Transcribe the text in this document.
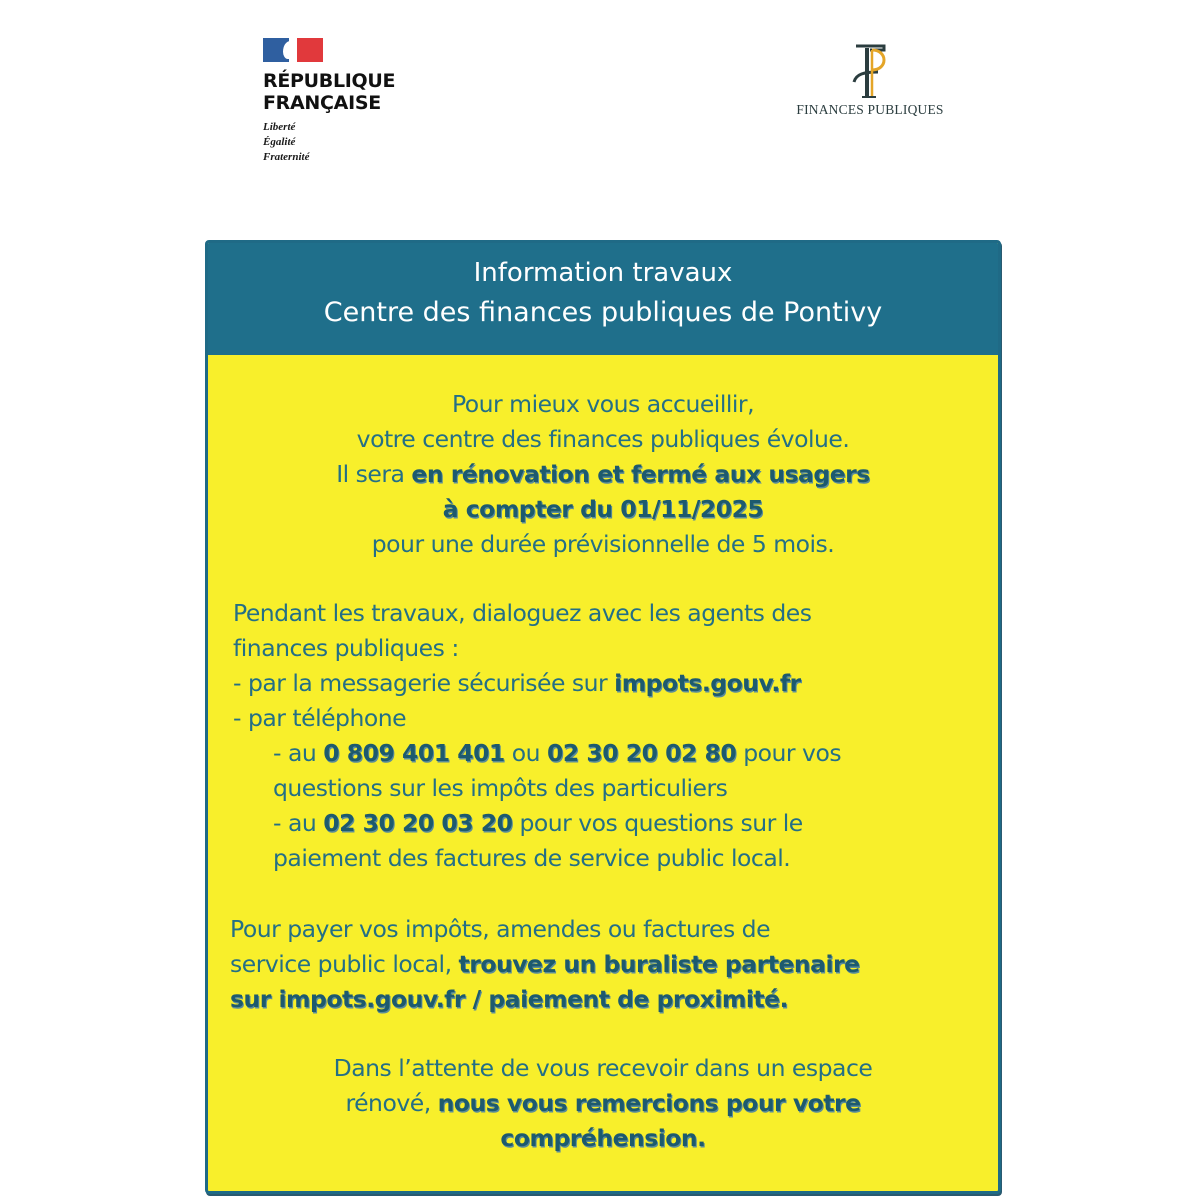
RÉPUBLIQUE
FRANÇAISE
Liberté
Égalité
Fraternité
FINANCES PUBLIQUES
Information travaux
Centre des finances publiques de Pontivy
Pour mieux vous accueillir,
votre centre des finances publiques évolue.
Il sera en rénovation et fermé aux usagers
à compter du 01/11/2025
pour une durée prévisionnelle de 5 mois.
Pendant les travaux, dialoguez avec les agents des
finances publiques :
- par la messagerie sécurisée sur impots.gouv.fr
- par téléphone
- au 0 809 401 401 ou 02 30 20 02 80 pour vos
questions sur les impôts des particuliers
- au 02 30 20 03 20 pour vos questions sur le
paiement des factures de service public local.
Pour payer vos impôts, amendes ou factures de
service public local, trouvez un buraliste partenaire
sur impots.gouv.fr / paiement de proximité.
Dans l’attente de vous recevoir dans un espace
rénové, nous vous remercions pour votre
compréhension.
